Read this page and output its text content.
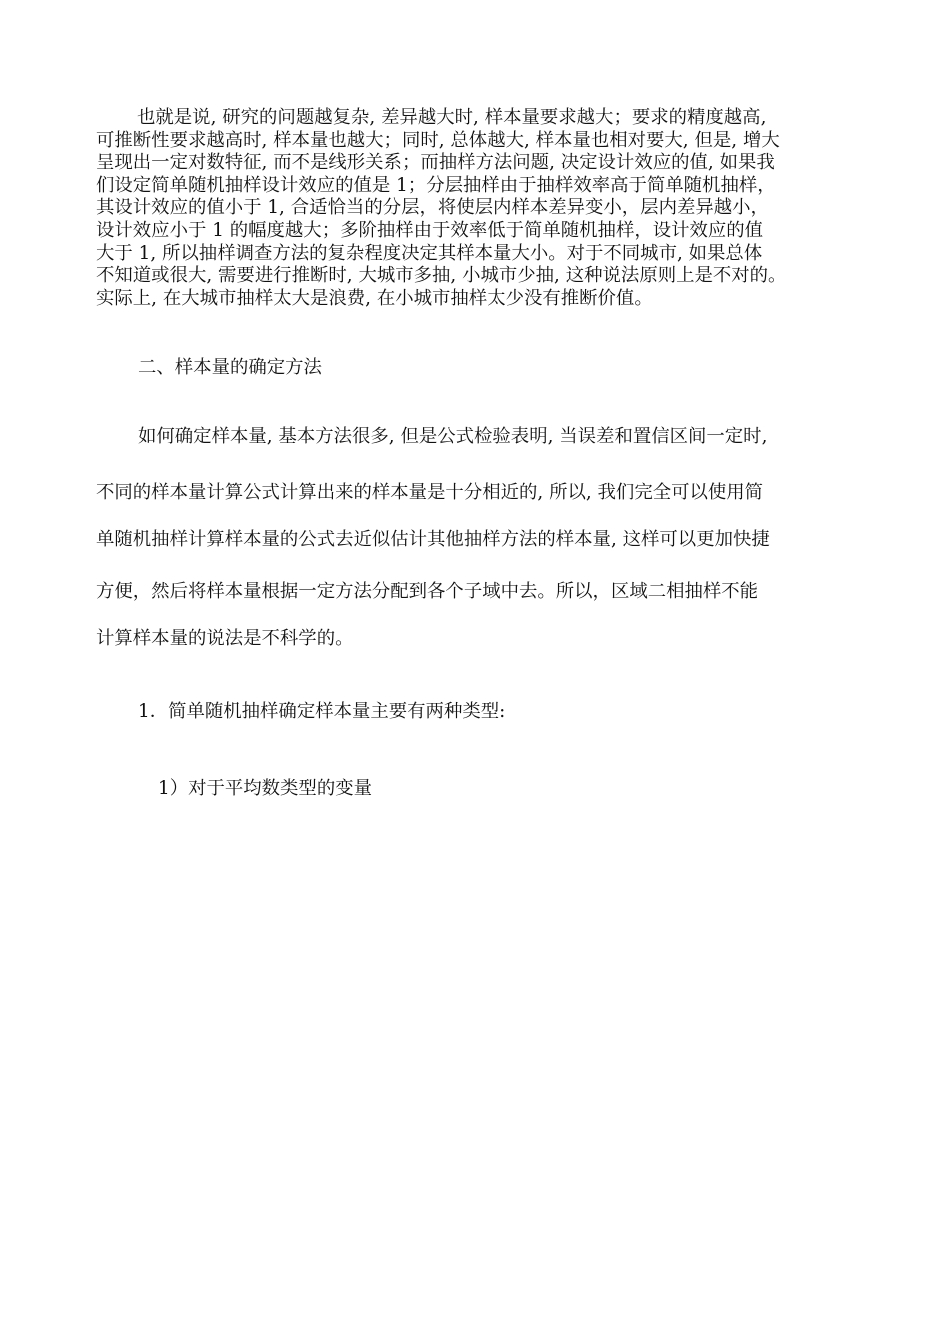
也就是说, 研究的问题越复杂, 差异越大时, 样本量要求越大；要求的精度越高,
可推断性要求越高时, 样本量也越大；同时, 总体越大, 样本量也相对要大, 但是, 增大
呈现出一定对数特征, 而不是线形关系；而抽样方法问题, 决定设计效应的值, 如果我
们设定简单随机抽样设计效应的值是 1；分层抽样由于抽样效率高于简单随机抽样，
其设计效应的值小于 1, 合适恰当的分层，将使层内样本差异变小，层内差异越小，
设计效应小于 1 的幅度越大；多阶抽样由于效率低于简单随机抽样，设计效应的值
大于 1, 所以抽样调查方法的复杂程度决定其样本量大小。对于不同城市, 如果总体
不知道或很大, 需要进行推断时, 大城市多抽, 小城市少抽, 这种说法原则上是不对的。
实际上, 在大城市抽样太大是浪费, 在小城市抽样太少没有推断价值。

二、样本量的确定方法

如何确定样本量, 基本方法很多, 但是公式检验表明, 当误差和置信区间一定时,
不同的样本量计算公式计算出来的样本量是十分相近的, 所以, 我们完全可以使用简
单随机抽样计算样本量的公式去近似估计其他抽样方法的样本量, 这样可以更加快捷
方便，然后将样本量根据一定方法分配到各个子域中去。所以，区域二相抽样不能
计算样本量的说法是不科学的。

1．简单随机抽样确定样本量主要有两种类型:

1）对于平均数类型的变量
